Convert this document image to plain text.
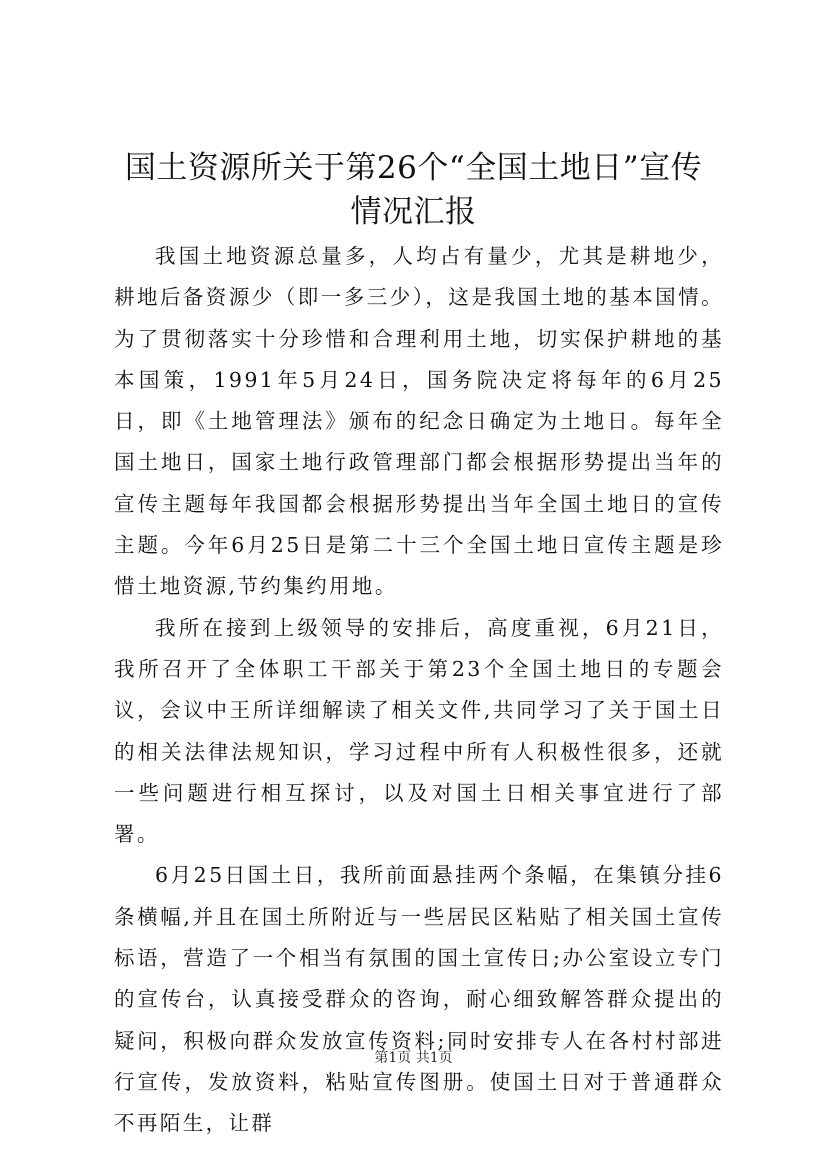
国土资源所关于第26个“全国土地日”宣传
情况汇报

我国土地资源总量多，人均占有量少，尤其是耕地少，耕地后备资源少（即一多三少），这是我国土地的基本国情。为了贯彻落实十分珍惜和合理利用土地，切实保护耕地的基本国策，1991年5月24日，国务院决定将每年的6月25日，即《土地管理法》颁布的纪念日确定为土地日。每年全国土地日，国家土地行政管理部门都会根据形势提出当年的宣传主题每年我国都会根据形势提出当年全国土地日的宣传主题。今年6月25日是第二十三个全国土地日宣传主题是珍惜土地资源,节约集约用地。

我所在接到上级领导的安排后，高度重视，6月21日，我所召开了全体职工干部关于第23个全国土地日的专题会议，会议中王所详细解读了相关文件,共同学习了关于国土日的相关法律法规知识，学习过程中所有人积极性很多，还就一些问题进行相互探讨，以及对国土日相关事宜进行了部署。

6月25日国土日，我所前面悬挂两个条幅，在集镇分挂6条横幅,并且在国土所附近与一些居民区粘贴了相关国土宣传标语，营造了一个相当有氛围的国土宣传日;办公室设立专门的宣传台，认真接受群众的咨询，耐心细致解答群众提出的疑问，积极向群众发放宣传资料;同时安排专人在各村村部进行宣传，发放资料，粘贴宣传图册。使国土日对于普通群众不再陌生，让群

第1页 共1页
